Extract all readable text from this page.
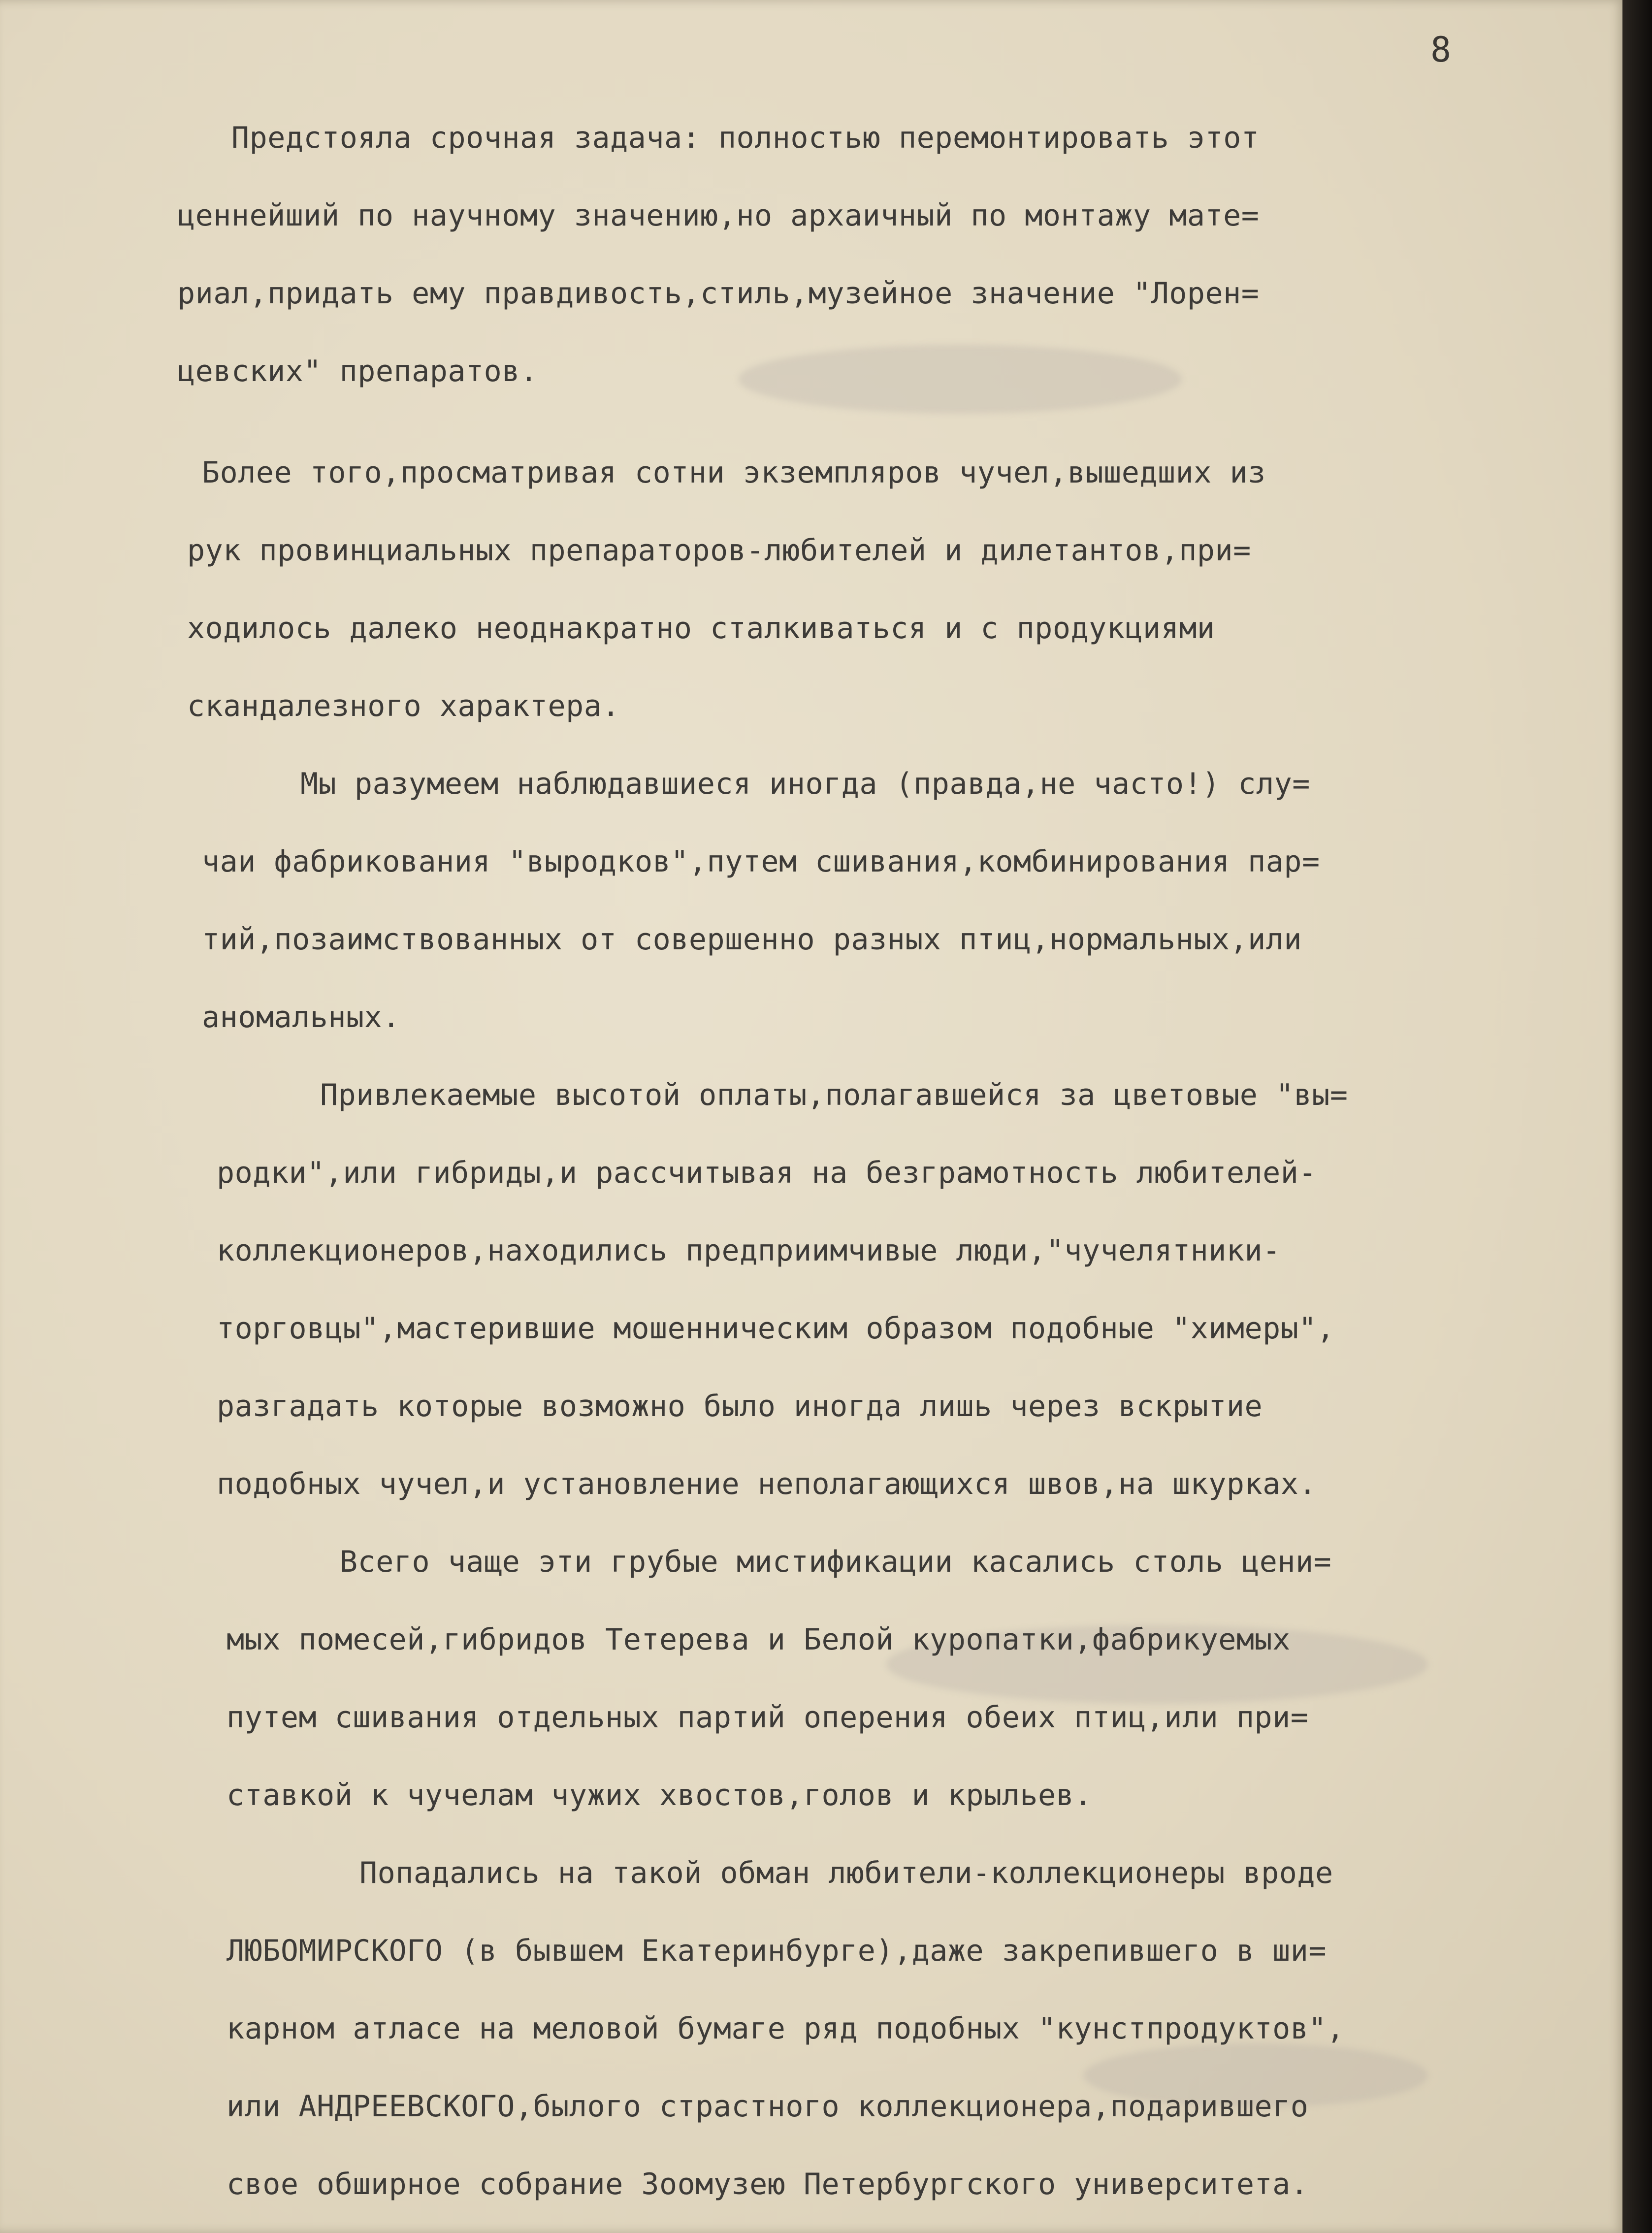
8
Предстояла срочная задача: полностью перемонтировать этот
ценнейший по научному значению,но архаичный по монтажу мате=
риал,придать ему правдивость,стиль,музейное значение "Лорен=
цевских" препаратов.
Более того,просматривая сотни экземпляров чучел,вышедших из
рук провинциальных препараторов-любителей и дилетантов,при=
ходилось далеко неоднакратно сталкиваться и с продукциями
скандалезного характера.
Мы разумеем наблюдавшиеся иногда (правда,не часто!) слу=
чаи фабрикования "выродков",путем сшивания,комбинирования пар=
тий,позаимствованных от совершенно разных птиц,нормальных,или
аномальных.
Привлекаемые высотой оплаты,полагавшейся за цветовые "вы=
родки",или гибриды,и рассчитывая на безграмотность любителей-
коллекционеров,находились предприимчивые люди,"чучелятники-
торговцы",мастерившие мошенническим образом подобные "химеры",
разгадать которые возможно было иногда лишь через вскрытие
подобных чучел,и установление неполагающихся швов,на шкурках.
Всего чаще эти грубые мистификации касались столь цени=
мых помесей,гибридов Тетерева и Белой куропатки,фабрикуемых
путем сшивания отдельных партий оперения обеих птиц,или при=
ставкой к чучелам чужих хвостов,голов и крыльев.
Попадались на такой обман любители-коллекционеры вроде
ЛЮБОМИРСКОГО (в бывшем Екатеринбурге),даже закрепившего в ши=
карном атласе на меловой бумаге ряд подобных "кунстпродуктов",
или АНДРЕЕВСКОГО,былого страстного коллекционера,подарившего
свое обширное собрание Зоомузею Петербургского университета.
